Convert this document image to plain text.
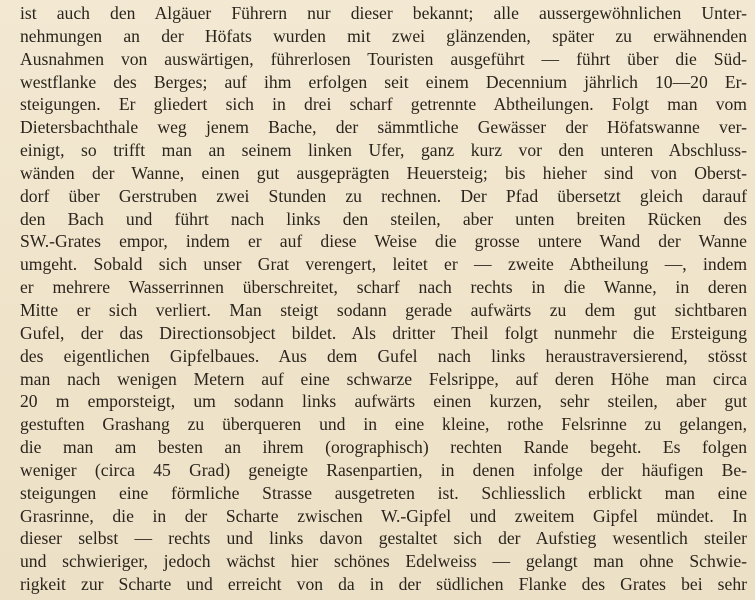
ist auch den Algäuer Führern nur dieser bekannt; alle aussergewöhnlichen Unter-
nehmungen an der Höfats wurden mit zwei glänzenden, später zu erwähnenden
Ausnahmen von auswärtigen, führerlosen Touristen ausgeführt — führt über die Süd-
westflanke des Berges; auf ihm erfolgen seit einem Decennium jährlich 10—20 Er-
steigungen. Er gliedert sich in drei scharf getrennte Abtheilungen. Folgt man vom
Dietersbachthale weg jenem Bache, der sämmtliche Gewässer der Höfatswanne ver-
einigt, so trifft man an seinem linken Ufer, ganz kurz vor den unteren Abschluss-
wänden der Wanne, einen gut ausgeprägten Heuersteig; bis hieher sind von Oberst-
dorf über Gerstruben zwei Stunden zu rechnen. Der Pfad übersetzt gleich darauf
den Bach und führt nach links den steilen, aber unten breiten Rücken des
SW.-Grates empor, indem er auf diese Weise die grosse untere Wand der Wanne
umgeht. Sobald sich unser Grat verengert, leitet er — zweite Abtheilung —, indem
er mehrere Wasserrinnen überschreitet, scharf nach rechts in die Wanne, in deren
Mitte er sich verliert. Man steigt sodann gerade aufwärts zu dem gut sichtbaren
Gufel, der das Directionsobject bildet. Als dritter Theil folgt nunmehr die Ersteigung
des eigentlichen Gipfelbaues. Aus dem Gufel nach links heraustraversierend, stösst
man nach wenigen Metern auf eine schwarze Felsrippe, auf deren Höhe man circa
20 m emporsteigt, um sodann links aufwärts einen kurzen, sehr steilen, aber gut
gestuften Grashang zu überqueren und in eine kleine, rothe Felsrinne zu gelangen,
die man am besten an ihrem (orographisch) rechten Rande begeht. Es folgen
weniger (circa 45 Grad) geneigte Rasenpartien, in denen infolge der häufigen Be-
steigungen eine förmliche Strasse ausgetreten ist. Schliesslich erblickt man eine
Grasrinne, die in der Scharte zwischen W.-Gipfel und zweitem Gipfel mündet. In
dieser selbst — rechts und links davon gestaltet sich der Aufstieg wesentlich steiler
und schwieriger, jedoch wächst hier schönes Edelweiss — gelangt man ohne Schwie-
rigkeit zur Scharte und erreicht von da in der südlichen Flanke des Grates bei sehr
